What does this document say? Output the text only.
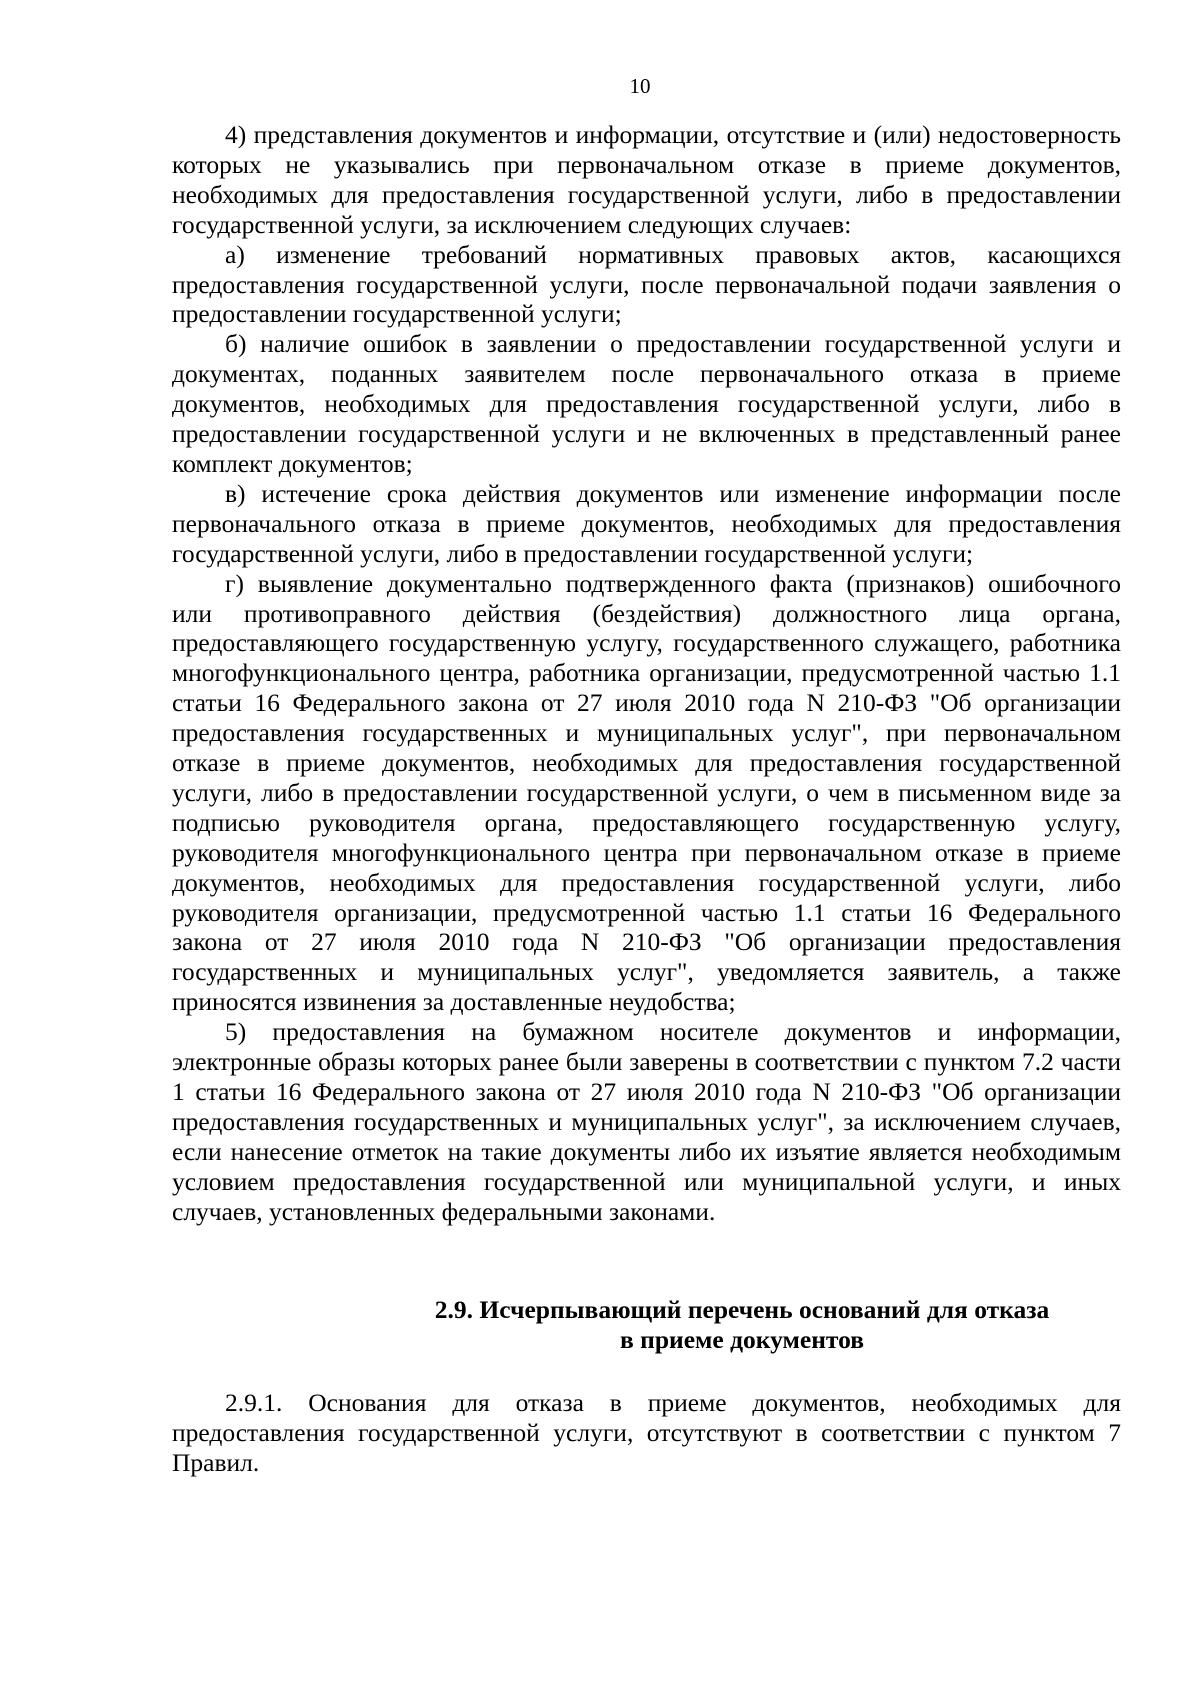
10

4) представления документов и информации, отсутствие и (или) недостоверность которых не указывались при первоначальном отказе в приеме документов, необходимых для предоставления государственной услуги, либо в предоставлении государственной услуги, за исключением следующих случаев:

а) изменение требований нормативных правовых актов, касающихся предоставления государственной услуги, после первоначальной подачи заявления о предоставлении государственной услуги;

б) наличие ошибок в заявлении о предоставлении государственной услуги и документах, поданных заявителем после первоначального отказа в приеме документов, необходимых для предоставления государственной услуги, либо в предоставлении государственной услуги и не включенных в представленный ранее комплект документов;

в) истечение срока действия документов или изменение информации после первоначального отказа в приеме документов, необходимых для предоставления государственной услуги, либо в предоставлении государственной услуги;

г) выявление документально подтвержденного факта (признаков) ошибочного или противоправного действия (бездействия) должностного лица органа, предоставляющего государственную услугу, государственного служащего, работника многофункционального центра, работника организации, предусмотренной частью 1.1 статьи 16 Федерального закона от 27 июля 2010 года N 210-ФЗ "Об организации предоставления государственных и муниципальных услуг", при первоначальном отказе в приеме документов, необходимых для предоставления государственной услуги, либо в предоставлении государственной услуги, о чем в письменном виде за подписью руководителя органа, предоставляющего государственную услугу, руководителя многофункционального центра при первоначальном отказе в приеме документов, необходимых для предоставления государственной услуги, либо руководителя организации, предусмотренной частью 1.1 статьи 16 Федерального закона от 27 июля 2010 года N 210-ФЗ "Об организации предоставления государственных и муниципальных услуг", уведомляется заявитель, а также приносятся извинения за доставленные неудобства;

5) предоставления на бумажном носителе документов и информации, электронные образы которых ранее были заверены в соответствии с пунктом 7.2 части 1 статьи 16 Федерального закона от 27 июля 2010 года N 210-ФЗ "Об организации предоставления государственных и муниципальных услуг", за исключением случаев, если нанесение отметок на такие документы либо их изъятие является необходимым условием предоставления государственной или муниципальной услуги, и иных случаев, установленных федеральными законами.

2.9. Исчерпывающий перечень оснований для отказа
в приеме документов

2.9.1. Основания для отказа в приеме документов, необходимых для предоставления государственной услуги, отсутствуют в соответствии с пунктом 7 Правил.
